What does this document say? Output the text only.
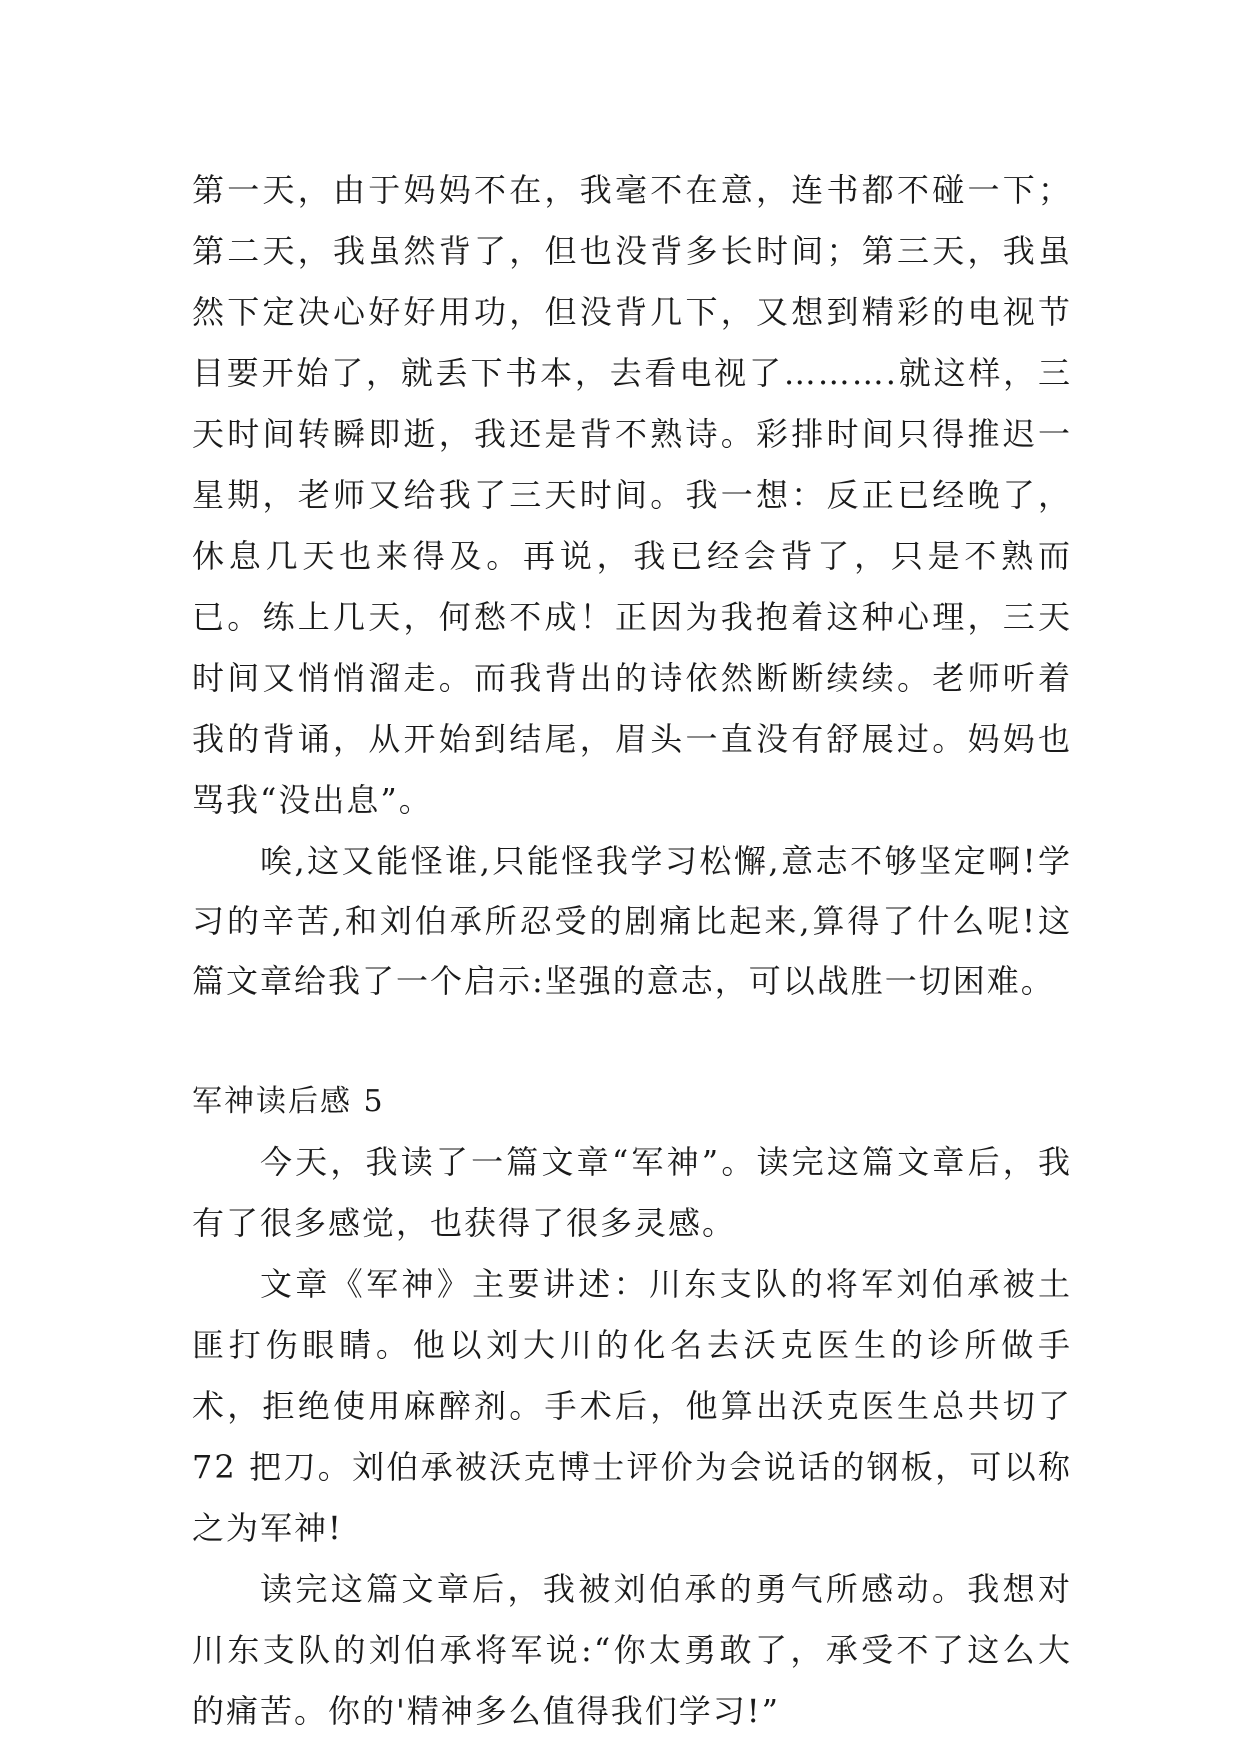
第一天，由于妈妈不在，我毫不在意，连书都不碰一下；第二天，我虽然背了，但也没背多长时间；第三天，我虽然下定决心好好用功，但没背几下，又想到精彩的电视节目要开始了，就丢下书本，去看电视了……….就这样，三天时间转瞬即逝，我还是背不熟诗。彩排时间只得推迟一星期，老师又给我了三天时间。我一想：反正已经晚了，休息几天也来得及。再说，我已经会背了，只是不熟而已。练上几天，何愁不成！正因为我抱着这种心理，三天时间又悄悄溜走。而我背出的诗依然断断续续。老师听着我的背诵，从开始到结尾，眉头一直没有舒展过。妈妈也骂我“没出息”。

唉,这又能怪谁,只能怪我学习松懈,意志不够坚定啊!学习的辛苦,和刘伯承所忍受的剧痛比起来,算得了什么呢!这篇文章给我了一个启示:坚强的意志，可以战胜一切困难。

军神读后感 5

今天，我读了一篇文章“军神”。读完这篇文章后，我有了很多感觉，也获得了很多灵感。

文章《军神》主要讲述：川东支队的将军刘伯承被土匪打伤眼睛。他以刘大川的化名去沃克医生的诊所做手术，拒绝使用麻醉剂。手术后，他算出沃克医生总共切了 72 把刀。刘伯承被沃克博士评价为会说话的钢板，可以称之为军神!

读完这篇文章后，我被刘伯承的勇气所感动。我想对川东支队的刘伯承将军说:“你太勇敢了，承受不了这么大的痛苦。你的'精神多么值得我们学习!”
